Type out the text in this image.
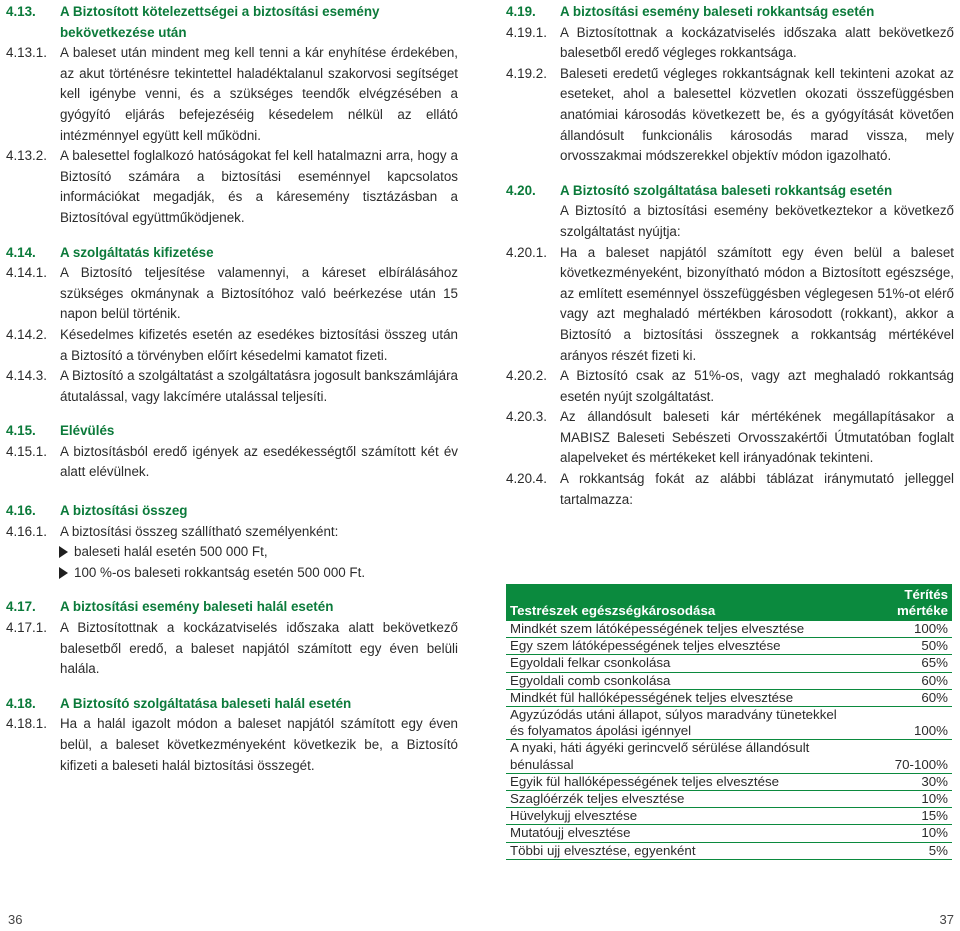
4.13.	A Biztosított kötelezettségei a biztosítási esemény bekövetkezése után
4.13.1. A baleset után mindent meg kell tenni a kár enyhítése érdekében, az akut történésre tekintettel haladéktalanul szakorvosi segítséget kell igénybe venni, és a szükséges teendők elvégzésében a gyógyító eljárás befejezéséig késedelem nélkül az ellátó intézménnyel együtt kell működni.
4.13.2. A balesettel foglalkozó hatóságokat fel kell hatalmazni arra, hogy a Biztosító számára a biztosítási eseménnyel kapcsolatos információkat megadják, és a káresemény tisztázásban a Biztosítóval együttműködjenek.
4.14.	A szolgáltatás kifizetése
4.14.1. A Biztosító teljesítése valamennyi, a káreset elbírálásához szükséges okmánynak a Biztosítóhoz való beérkezése után 15 napon belül történik.
4.14.2. Késedelmes kifizetés esetén az esedékes biztosítási összeg után a Biztosító a törvényben előírt késedelmi kamatot fizeti.
4.14.3. A Biztosító a szolgáltatást a szolgáltatásra jogosult bankszámlájára átutalással, vagy lakcímére utalással teljesíti.
4.15.	Elévülés
4.15.1. A biztosításból eredő igények az esedékességtől számított két év alatt elévülnek.
4.16.	A biztosítási összeg
4.16.1. A biztosítási összeg szállítható személyenként:
baleseti halál esetén 500 000 Ft,
100 %-os baleseti rokkantság esetén 500 000 Ft.
4.17.	A biztosítási esemény baleseti halál esetén
4.17.1. A Biztosítottnak a kockázatviselés időszaka alatt bekövetkező balesetből eredő, a baleset napjától számított egy éven belüli halála.
4.18.	A Biztosító szolgáltatása baleseti halál esetén
4.18.1. Ha a halál igazolt módon a baleset napjától számított egy éven belül, a baleset következményeként következik be, a Biztosító kifizeti a baleseti halál biztosítási összegét.
4.19.	A biztosítási esemény baleseti rokkantság esetén
4.19.1. A Biztosítottnak a kockázatviselés időszaka alatt bekövetkező balesetből eredő végleges rokkantsága.
4.19.2. Baleseti eredetű végleges rokkantságnak kell tekinteni azokat az eseteket, ahol a balesettel közvetlen okozati összefüggésben anatómiai károsodás következett be, és a gyógyítását követően állandósult funkcionális károsodás marad vissza, mely orvosszakmai módszerekkel objektív módon igazolható.
4.20.	A Biztosító szolgáltatása baleseti rokkantság esetén
A Biztosító a biztosítási esemény bekövetkeztekor a következő szolgáltatást nyújtja:
4.20.1. Ha a baleset napjától számított egy éven belül a baleset következményeként, bizonyítható módon a Biztosított egészsége, az említett eseménnyel összefüggésben véglegesen 51%-ot elérő vagy azt meghaladó mértékben károsodott (rokkant), akkor a Biztosító a biztosítási összegnek a rokkantság mértékével arányos részét fizeti ki.
4.20.2. A Biztosító csak az 51%-os, vagy azt meghaladó rokkantság esetén nyújt szolgáltatást.
4.20.3. Az állandósult baleseti kár mértékének megállapításakor a MABISZ Baleseti Sebészeti Orvosszakértői Útmutatóban foglalt alapelveket és mértékeket kell irányadónak tekinteni.
4.20.4. A rokkantság fokát az alábbi táblázat iránymutató jelleggel tartalmazza:
Testrészek egészségkárosodása	Térítés mértéke
Mindkét szem látóképességének teljes elvesztése	100%
Egy szem látóképességének teljes elvesztése	50%
Egyoldali felkar csonkolása	65%
Egyoldali comb csonkolása	60%
Mindkét fül hallóképességének teljes elvesztése	60%
Agyzúzódás utáni állapot, súlyos maradvány tünetekkel és folyamatos ápolási igénnyel	100%
A nyaki, háti ágyéki gerincvelő sérülése állandósult bénulással	70-100%
Egyik fül hallóképességének teljes elvesztése	30%
Szaglóérzék teljes elvesztése	10%
Hüvelykujj elvesztése	15%
Mutatóujj elvesztése	10%
Többi ujj elvesztése, egyenként	5%
36	37
